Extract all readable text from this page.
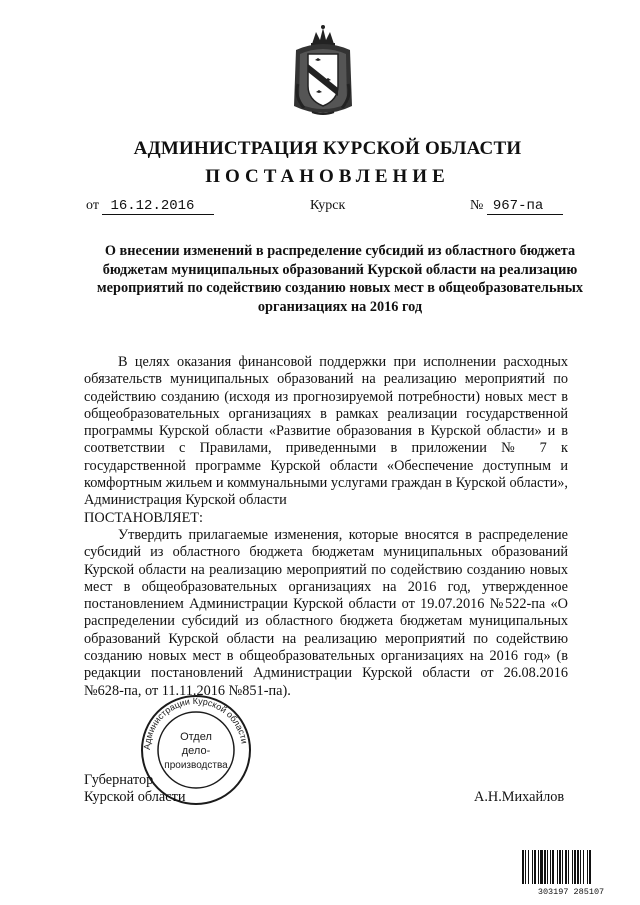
АДМИНИСТРАЦИЯ КУРСКОЙ ОБЛАСТИ
ПОСТАНОВЛЕНИЕ
от 16.12.2016	Курск	№ 967-па
О внесении изменений в распределение субсидий из областного бюджета бюджетам муниципальных образований Курской области на реализацию мероприятий по содействию созданию новых мест в общеобразовательных организациях на 2016 год

В целях оказания финансовой поддержки при исполнении расходных обязательств муниципальных образований на реализацию мероприятий по содействию созданию (исходя из прогнозируемой потребности) новых мест в общеобразовательных организациях в рамках реализации государственной программы Курской области «Развитие образования в Курской области» и в соответствии с Правилами, приведенными в приложении № 7 к государственной программе Курской области «Обеспечение доступным и комфортным жильем и коммунальными услугами граждан в Курской области», Администрация Курской области

ПОСТАНОВЛЯЕТ:

Утвердить прилагаемые изменения, которые вносятся в распределение субсидий из областного бюджета бюджетам муниципальных образований Курской области на реализацию мероприятий по содействию созданию новых мест в общеобразовательных организациях на 2016 год, утвержденное постановлением Администрации Курской области от 19.07.2016 №522-па «О распределении субсидий из областного бюджета бюджетам муниципальных образований Курской области на реализацию мероприятий по содействию созданию новых мест в общеобразовательных организациях на 2016 год» (в редакции постановлений Администрации Курской области от 26.08.2016 №628-па, от 11.11.2016 №851-па).

Администрации Курской области
Отдел
дело-
производства
Губернатор
Курской области	А.Н.Михайлов
303197 285107
